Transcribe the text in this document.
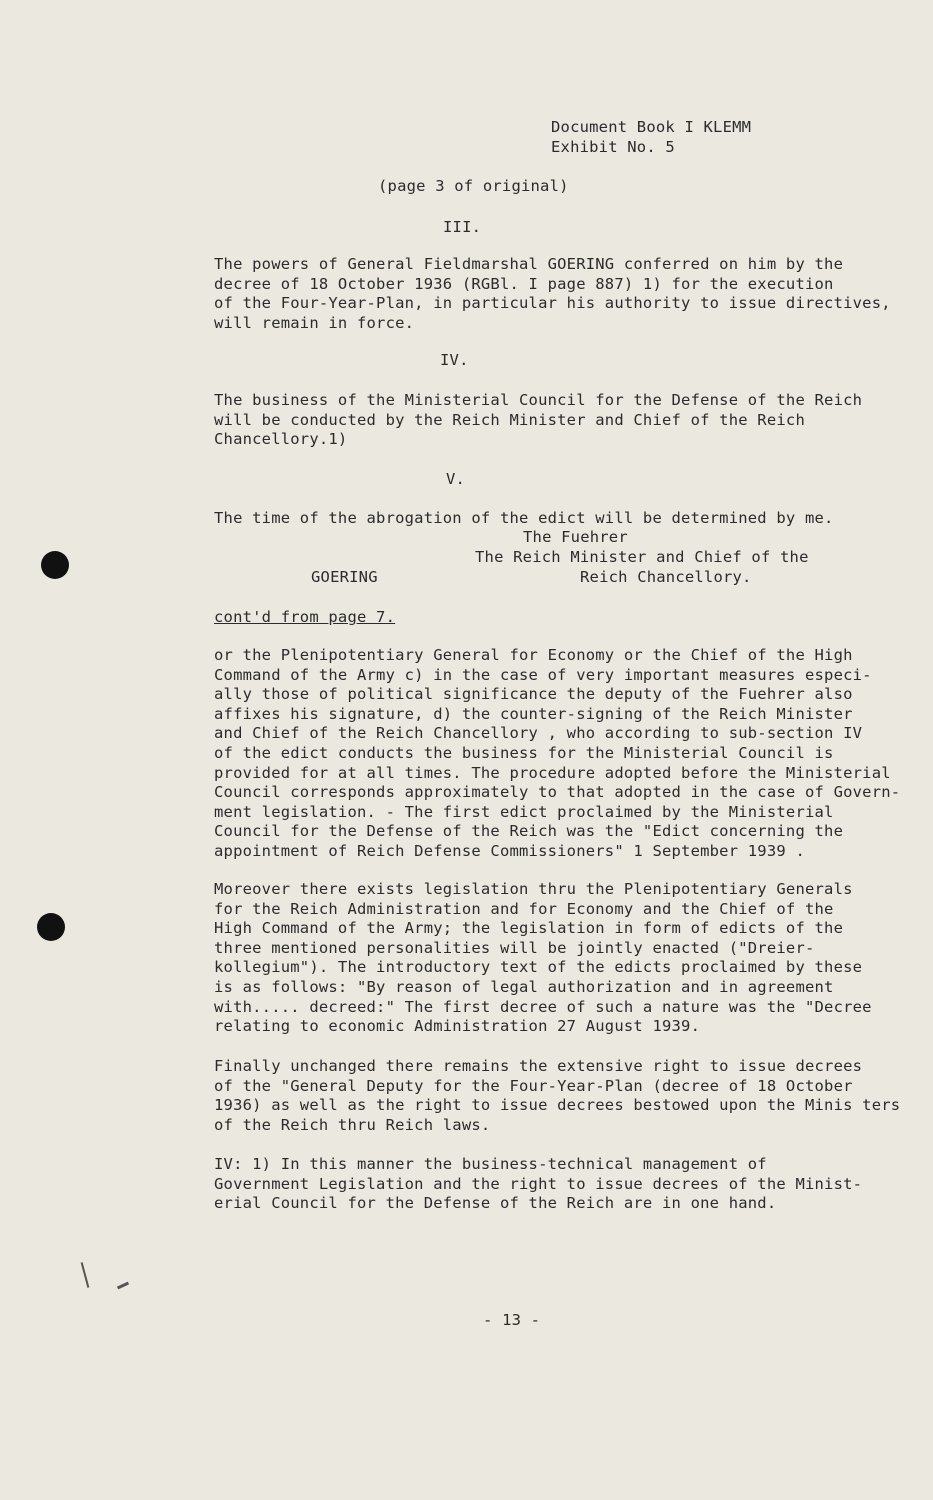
Document Book I KLEMM
Exhibit No. 5
(page 3 of original)
III.
The powers of General Fieldmarshal GOERING conferred on him by the
decree of 18 October 1936 (RGBl. I page 887) 1) for the execution
of the Four-Year-Plan, in particular his authority to issue directives,
will remain in force.
IV.
The business of the Ministerial Council for the Defense of the Reich
will be conducted by the Reich Minister and Chief of the Reich
Chancellory.1)
V.
The time of the abrogation of the edict will be determined by me.
The Fuehrer
The Reich Minister and Chief of the
GOERING	Reich Chancellory.
cont'd from page 7.
or the Plenipotentiary General for Economy or the Chief of the High
Command of the Army c) in the case of very important measures especi-
ally those of political significance the deputy of the Fuehrer also
affixes his signature, d) the counter-signing of the Reich Minister
and Chief of the Reich Chancellory , who according to sub-section IV
of the edict conducts the business for the Ministerial Council is
provided for at all times. The procedure adopted before the Ministerial
Council corresponds approximately to that adopted in the case of Govern-
ment legislation. - The first edict proclaimed by the Ministerial
Council for the Defense of the Reich was the "Edict concerning the
appointment of Reich Defense Commissioners" 1 September 1939 .
Moreover there exists legislation thru the Plenipotentiary Generals
for the Reich Administration and for Economy and the Chief of the
High Command of the Army; the legislation in form of edicts of the
three mentioned personalities will be jointly enacted ("Dreier-
kollegium"). The introductory text of the edicts proclaimed by these
is as follows: "By reason of legal authorization and in agreement
with..... decreed:" The first decree of such a nature was the "Decree
relating to economic Administration 27 August 1939.
Finally unchanged there remains the extensive right to issue decrees
of the "General Deputy for the Four-Year-Plan (decree of 18 October
1936) as well as the right to issue decrees bestowed upon the Minis ters
of the Reich thru Reich laws.
IV: 1) In this manner the business-technical management of
Government Legislation and the right to issue decrees of the Minist-
erial Council for the Defense of the Reich are in one hand.
- 13 -
